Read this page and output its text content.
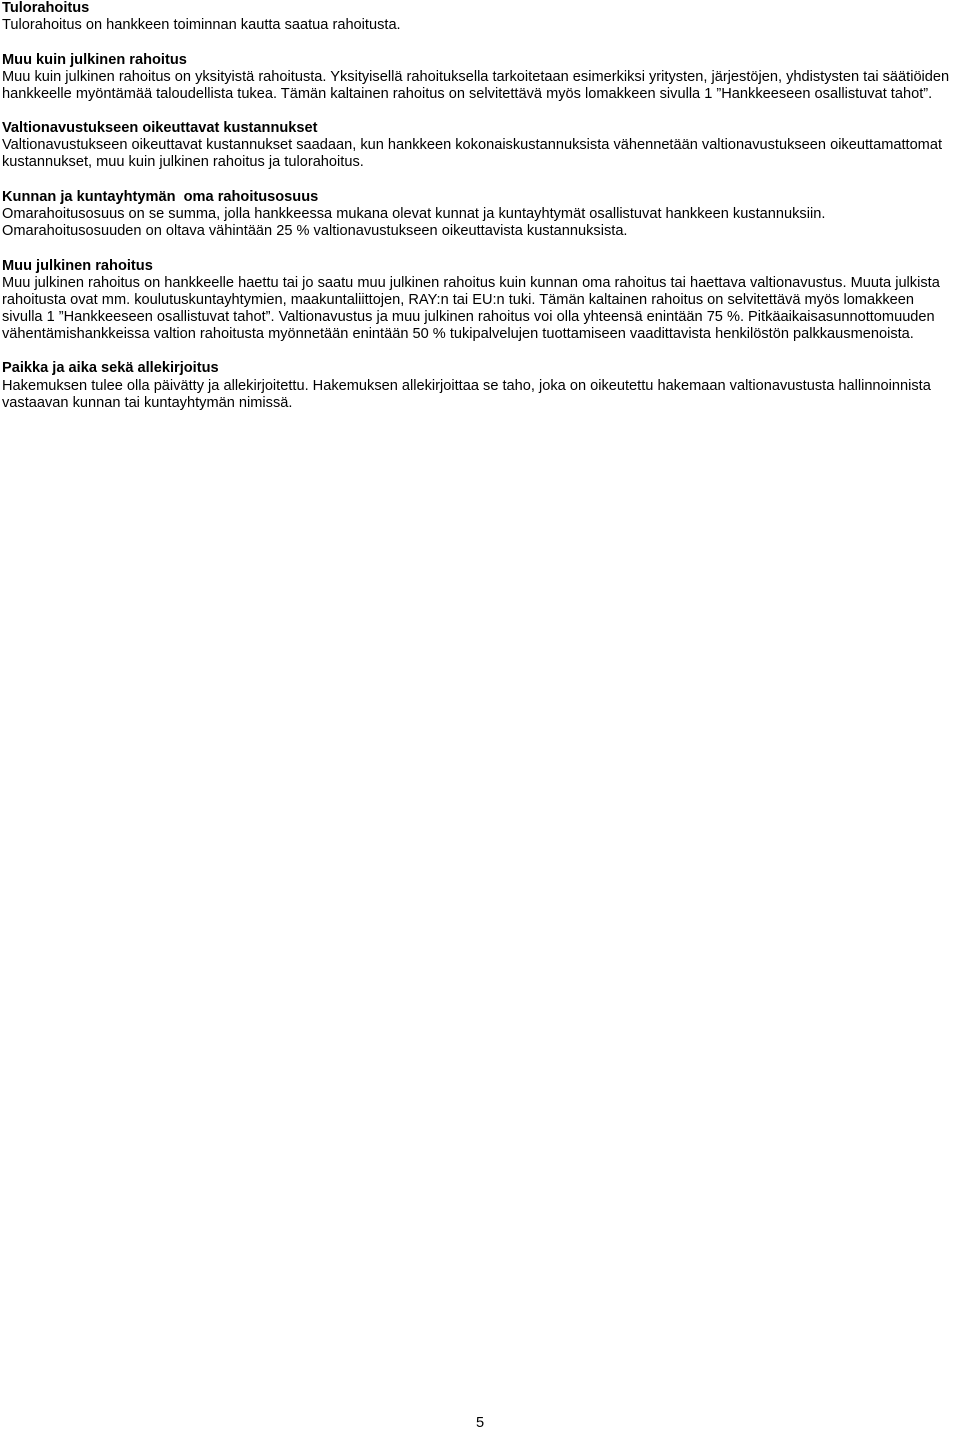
Tulorahoitus

Tulorahoitus on hankkeen toiminnan kautta saatua rahoitusta.

Muu kuin julkinen rahoitus

Muu kuin julkinen rahoitus on yksityistä rahoitusta. Yksityisellä rahoituksella tarkoitetaan esimerkiksi yritysten, järjestöjen, yhdistysten tai säätiöiden hankkeelle myöntämää taloudellista tukea. Tämän kaltainen rahoitus on selvitettävä myös lomakkeen sivulla 1 ”Hankkeeseen osallistuvat tahot”.

Valtionavustukseen oikeuttavat kustannukset

Valtionavustukseen oikeuttavat kustannukset saadaan, kun hankkeen kokonaiskustannuksista vähennetään valtionavustukseen oikeuttamattomat kustannukset, muu kuin julkinen rahoitus ja tulorahoitus.

Kunnan ja kuntayhtymän  oma rahoitusosuus

Omarahoitusosuus on se summa, jolla hankkeessa mukana olevat kunnat ja kuntayhtymät osallistuvat hankkeen kustannuksiin. Omarahoitusosuuden on oltava vähintään 25 % valtionavustukseen oikeuttavista kustannuksista.

Muu julkinen rahoitus

Muu julkinen rahoitus on hankkeelle haettu tai jo saatu muu julkinen rahoitus kuin kunnan oma rahoitus tai haettava valtionavustus. Muuta julkista rahoitusta ovat mm. koulutuskuntayhtymien, maakuntaliittojen, RAY:n tai EU:n tuki. Tämän kaltainen rahoitus on selvitettävä myös lomakkeen sivulla 1 ”Hankkeeseen osallistuvat tahot”. Valtionavustus ja muu julkinen rahoitus voi olla yhteensä enintään 75 %. Pitkäaikaisasunnottomuuden vähentämishankkeissa valtion rahoitusta myönnetään enintään 50 % tukipalvelujen tuottamiseen vaadittavista henkilöstön palkkausmenoista.

Paikka ja aika sekä allekirjoitus

Hakemuksen tulee olla päivätty ja allekirjoitettu. Hakemuksen allekirjoittaa se taho, joka on oikeutettu hakemaan valtionavustusta hallinnoinnista vastaavan kunnan tai kuntayhtymän nimissä.

5
